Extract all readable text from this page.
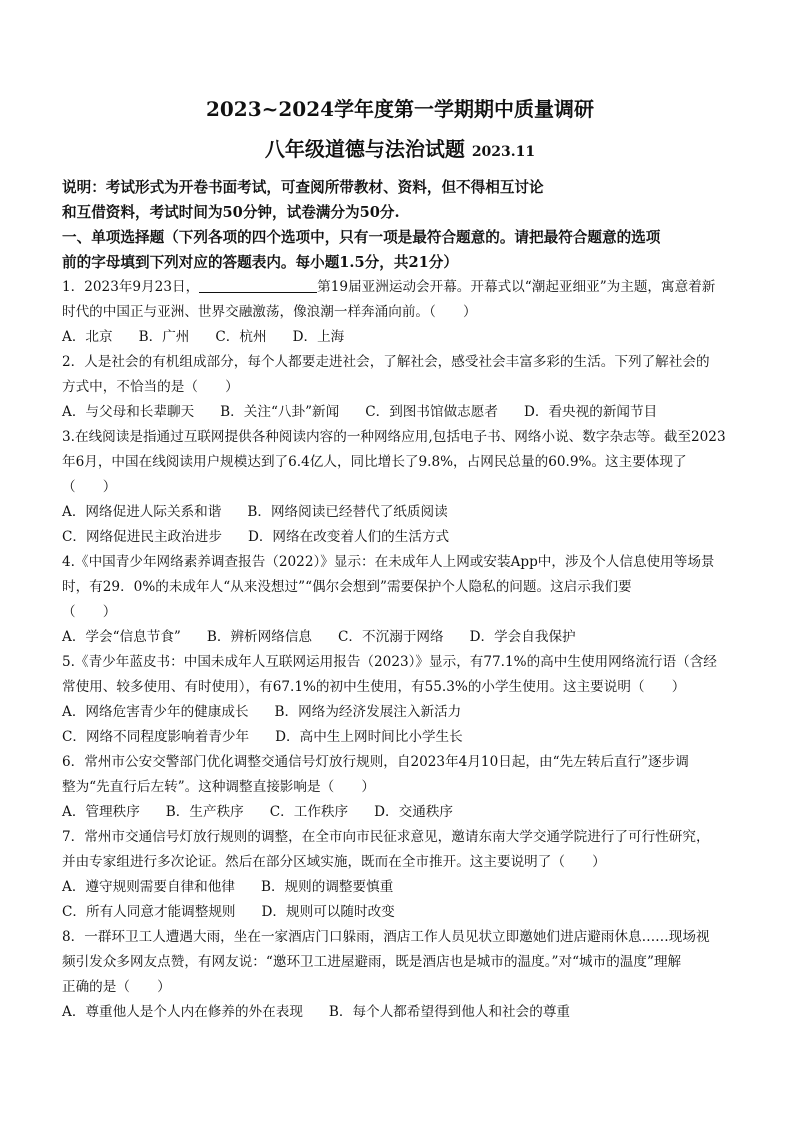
2023~2024学年度第一学期期中质量调研
八年级道德与法治试题 2023.11
说明：考试形式为开卷书面考试，可查阅所带教材、资料，但不得相互讨论
和互借资料，考试时间为50分钟，试卷满分为50分.
一、单项选择题（下列各项的四个选项中，只有一项是最符合题意的。请把最符合题意的选项
前的字母填到下列对应的答题表内。每小题1.5分，共21分）
1．2023年9月23日，	第19届亚洲运动会开幕。开幕式以“潮起亚细亚”为主题，寓意着新
时代的中国正与亚洲、世界交融激荡，像浪潮一样奔涌向前。（　　）
A．北京 B．广州 C．杭州 D．上海
2．人是社会的有机组成部分，每个人都要走进社会，了解社会，感受社会丰富多彩的生活。下列了解社会的
方式中，不恰当的是（　　）
A．与父母和长辈聊天 B．关注“八卦”新闻 C．到图书馆做志愿者 D．看央视的新闻节目
3.在线阅读是指通过互联网提供各种阅读内容的一种网络应用,包括电子书、网络小说、数字杂志等。截至2023
年6月，中国在线阅读用户规模达到了6.4亿人，同比增长了9.8%，占网民总量的60.9%。这主要体现了
（　　）
A．网络促进人际关系和谐 B．网络阅读已经替代了纸质阅读
C．网络促进民主政治进步 D．网络在改变着人们的生活方式
4.《中国青少年网络素养调查报告（2022）》显示：在未成年人上网或安装App中，涉及个人信息使用等场景
时，有29．0%的未成年人“从来没想过”“偶尔会想到”需要保护个人隐私的问题。这启示我们要
（　　）
A．学会“信息节食” B．辨析网络信息 C．不沉溺于网络 D．学会自我保护
5.《青少年蓝皮书：中国未成年人互联网运用报告（2023）》显示，有77.1%的高中生使用网络流行语（含经
常使用、较多使用、有时使用），有67.1%的初中生使用，有55.3%的小学生使用。这主要说明（　　）
A．网络危害青少年的健康成长 B．网络为经济发展注入新活力
C．网络不同程度影响着青少年 D．高中生上网时间比小学生长
6．常州市公安交警部门优化调整交通信号灯放行规则，自2023年4月10日起，由“先左转后直行”逐步调
整为“先直行后左转”。这种调整直接影响是（　　）
A．管理秩序 B．生产秩序 C．工作秩序 D．交通秩序
7．常州市交通信号灯放行规则的调整，在全市向市民征求意见，邀请东南大学交通学院进行了可行性研究，
并由专家组进行多次论证。然后在部分区域实施，既而在全市推开。这主要说明了（　　）
A．遵守规则需要自律和他律 B．规则的调整要慎重
C．所有人同意才能调整规则 D．规则可以随时改变
8．一群环卫工人遭遇大雨，坐在一家酒店门口躲雨，酒店工作人员见状立即邀她们进店避雨休息……现场视
频引发众多网友点赞，有网友说：“邀环卫工进屋避雨，既是酒店也是城市的温度。”对“城市的温度”理解
正确的是（　　）
A．尊重他人是个人内在修养的外在表现 B．每个人都希望得到他人和社会的尊重
